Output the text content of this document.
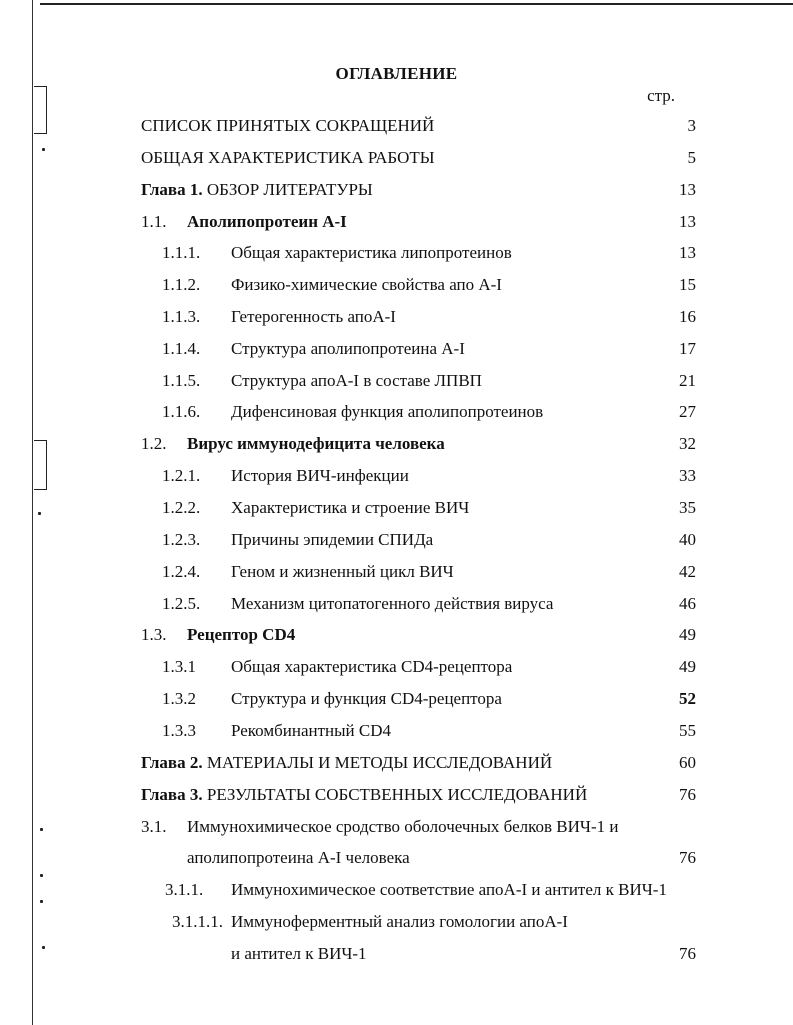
ОГЛАВЛЕНИЕ
стр.
СПИСОК ПРИНЯТЫХ СОКРАЩЕНИЙ	3
ОБЩАЯ ХАРАКТЕРИСТИКА РАБОТЫ	5
Глава 1. ОБЗОР ЛИТЕРАТУРЫ	13
1.1. Аполипопротеин А-I	13
1.1.1. Общая характеристика липопротеинов	13
1.1.2. Физико-химические свойства апо А-I	15
1.1.3. Гетерогенность апоА-I	16
1.1.4. Структура аполипопротеина А-I	17
1.1.5. Структура апоА-I в составе ЛПВП	21
1.1.6. Дифенсиновая функция аполипопротеинов	27
1.2. Вирус иммунодефицита человека	32
1.2.1. История ВИЧ-инфекции	33
1.2.2. Характеристика и строение ВИЧ	35
1.2.3. Причины эпидемии СПИДа	40
1.2.4. Геном и жизненный цикл ВИЧ	42
1.2.5. Механизм цитопатогенного действия вируса	46
1.3. Рецептор CD4	49
1.3.1 Общая характеристика CD4-рецептора	49
1.3.2 Структура и функция CD4-рецептора	52
1.3.3 Рекомбинантный CD4	55
Глава 2. МАТЕРИАЛЫ И МЕТОДЫ ИССЛЕДОВАНИЙ	60
Глава 3. РЕЗУЛЬТАТЫ СОБСТВЕННЫХ ИССЛЕДОВАНИЙ	76
3.1. Иммунохимическое сродство оболочечных белков ВИЧ-1 и
аполипопротеина А-I человека	76
3.1.1. Иммунохимическое соответствие апоА-I и антител к ВИЧ-1
3.1.1.1. Иммуноферментный анализ гомологии апоА-I
и антител к ВИЧ-1	76
